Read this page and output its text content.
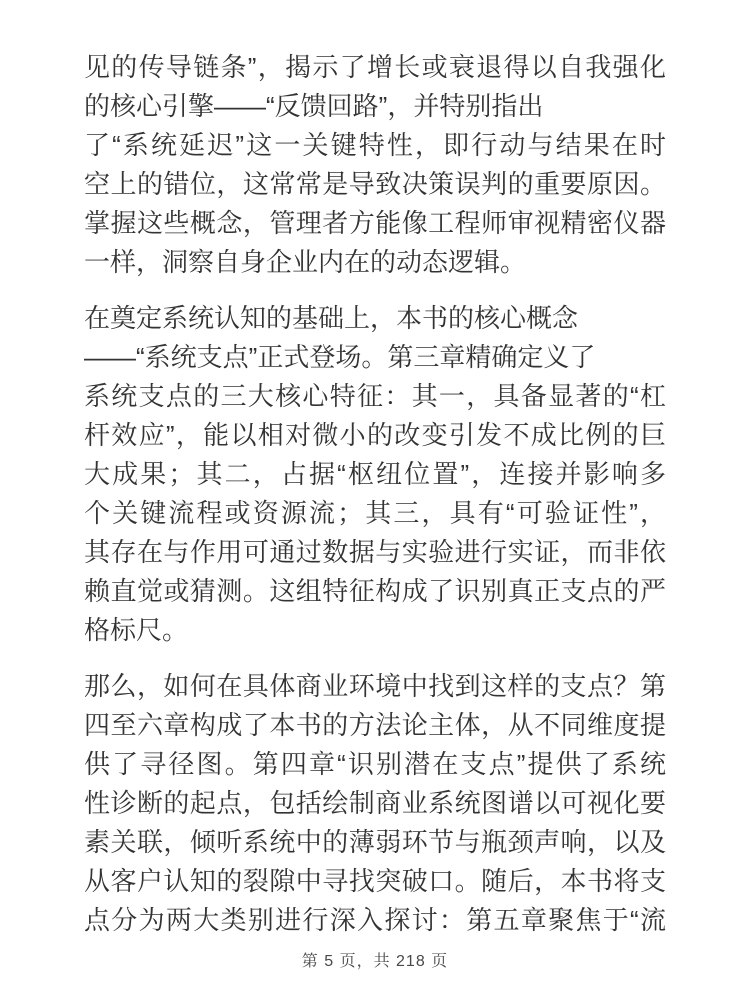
见的传导链条”，揭示了增长或衰退得以自我强化
的核心引擎——“反馈回路”，并特别指出
了“系统延迟”这一关键特性，即行动与结果在时
空上的错位，这常常是导致决策误判的重要原因。
掌握这些概念，管理者方能像工程师审视精密仪器
一样，洞察自身企业内在的动态逻辑。

在奠定系统认知的基础上，本书的核心概念
——“系统支点”正式登场。第三章精确定义了
系统支点的三大核心特征：其一，具备显著的“杠
杆效应”，能以相对微小的改变引发不成比例的巨
大成果；其二，占据“枢纽位置”，连接并影响多
个关键流程或资源流；其三，具有“可验证性”，
其存在与作用可通过数据与实验进行实证，而非依
赖直觉或猜测。这组特征构成了识别真正支点的严
格标尺。

那么，如何在具体商业环境中找到这样的支点？第
四至六章构成了本书的方法论主体，从不同维度提
供了寻径图。第四章“识别潜在支点”提供了系统
性诊断的起点，包括绘制商业系统图谱以可视化要
素关联，倾听系统中的薄弱环节与瓶颈声响，以及
从客户认知的裂隙中寻找突破口。随后，本书将支
点分为两大类别进行深入探讨：第五章聚焦于“流

第 5 页，共 218 页
